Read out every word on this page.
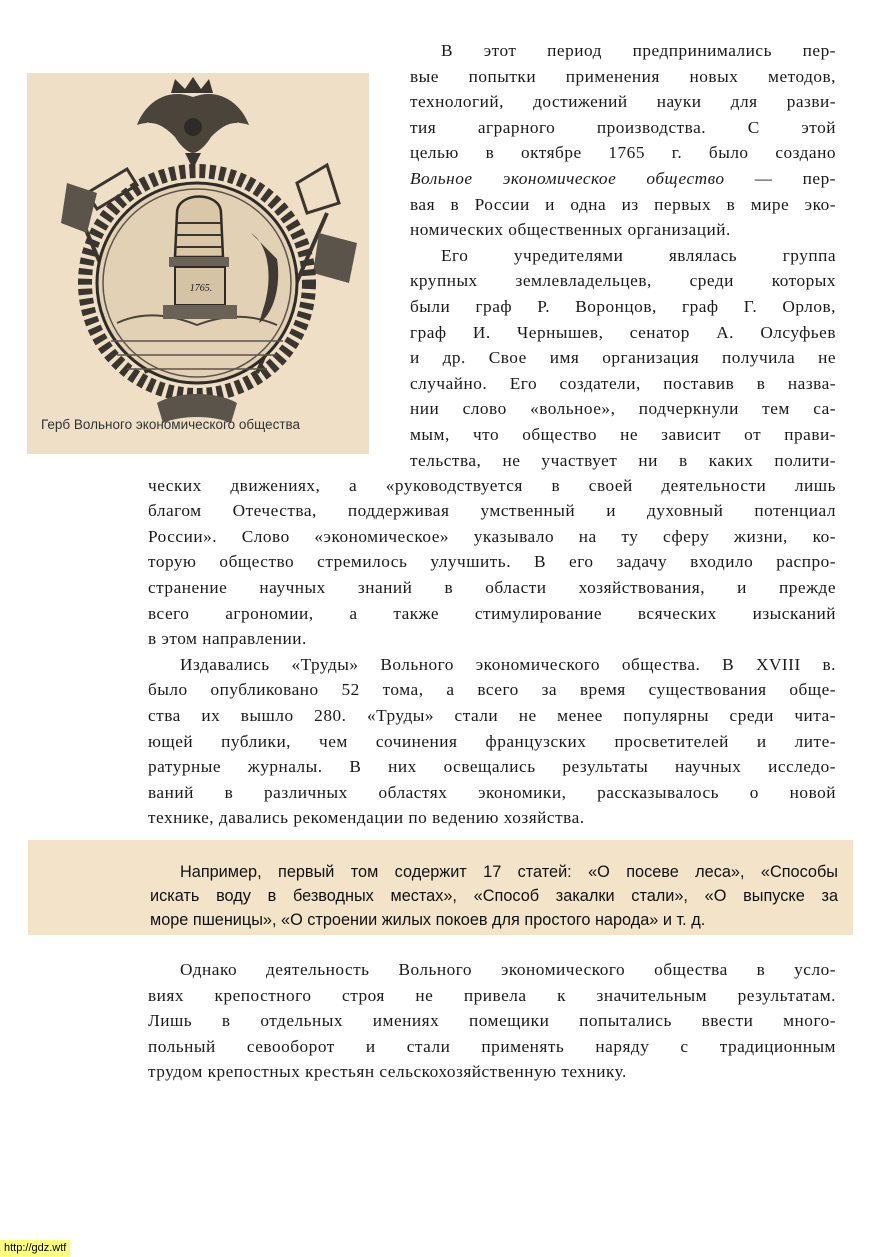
1765.
Герб Вольного экономического общества
В этот период предпринимались пер-
вые попытки применения новых методов,
технологий, достижений науки для разви-
тия аграрного производства. С этой
целью в октябре 1765 г. было создано
Вольное экономическое общество — пер-
вая в России и одна из первых в мире эко-
номических общественных организаций.
Его учредителями являлась группа
крупных землевладельцев, среди которых
были граф Р. Воронцов, граф Г. Орлов,
граф И. Чернышев, сенатор А. Олсуфьев
и др. Свое имя организация получила не
случайно. Его создатели, поставив в назва-
нии слово «вольное», подчеркнули тем са-
мым, что общество не зависит от прави-
тельства, не участвует ни в каких полити-
ческих движениях, а «руководствуется в своей деятельности лишь
благом Отечества, поддерживая умственный и духовный потенциал
России». Слово «экономическое» указывало на ту сферу жизни, ко-
торую общество стремилось улучшить. В его задачу входило распро-
странение научных знаний в области хозяйствования, и прежде
всего агрономии, а также стимулирование всяческих изысканий
в этом направлении.
Издавались «Труды» Вольного экономического общества. В XVIII в.
было опубликовано 52 тома, а всего за время существования обще-
ства их вышло 280. «Труды» стали не менее популярны среди чита-
ющей публики, чем сочинения французских просветителей и лите-
ратурные журналы. В них освещались результаты научных исследо-
ваний в различных областях экономики, рассказывалось о новой
технике, давались рекомендации по ведению хозяйства.
Например, первый том содержит 17 статей: «О посеве леса», «Способы
искать воду в безводных местах», «Способ закалки стали», «О выпуске за
море пшеницы», «О строении жилых покоев для простого народа» и т. д.
Однако деятельность Вольного экономического общества в усло-
виях крепостного строя не привела к значительным результатам.
Лишь в отдельных имениях помещики попытались ввести много-
польный севооборот и стали применять наряду с традиционным
трудом крепостных крестьян сельскохозяйственную технику.
http://gdz.wtf
